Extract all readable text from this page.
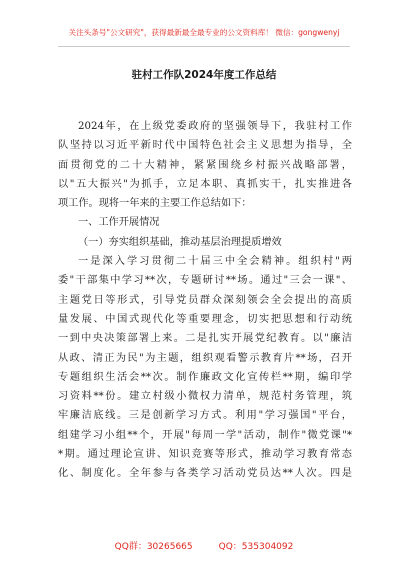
关注头条号"公文研究"，获得最新最全最专业的公文资料库！ 微信：gongwenyj
驻村工作队2024年度工作总结
2024年，在上级党委政府的坚强领导下，我驻村工作
队坚持以习近平新时代中国特色社会主义思想为指导，全
面贯彻党的二十大精神，紧紧围绕乡村振兴战略部署，
以"五大振兴"为抓手，立足本职、真抓实干，扎实推进各
项工作。现将一年来的主要工作总结如下：
一、工作开展情况
（一）夯实组织基础，推动基层治理提质增效
一是深入学习贯彻二十届三中全会精神。组织村"两
委"干部集中学习**次，专题研讨**场。通过"三会一课"、
主题党日等形式，引导党员群众深刻领会全会提出的高质
量发展、中国式现代化等重要理念，切实把思想和行动统
一到中央决策部署上来。二是扎实开展党纪教育。以"廉洁
从政、清正为民"为主题，组织观看警示教育片**场，召开
专题组织生活会**次。制作廉政文化宣传栏**期，编印学
习资料**份。建立村级小微权力清单，规范村务管理，筑
牢廉洁底线。三是创新学习方式。利用"学习强国"平台，
组建学习小组**个，开展"每周一学"活动，制作"微党课"*
*期。通过理论宣讲、知识竞赛等形式，推动学习教育常态
化、制度化。全年参与各类学习活动党员达**人次。四是
QQ群：30265665	QQ：535304092
